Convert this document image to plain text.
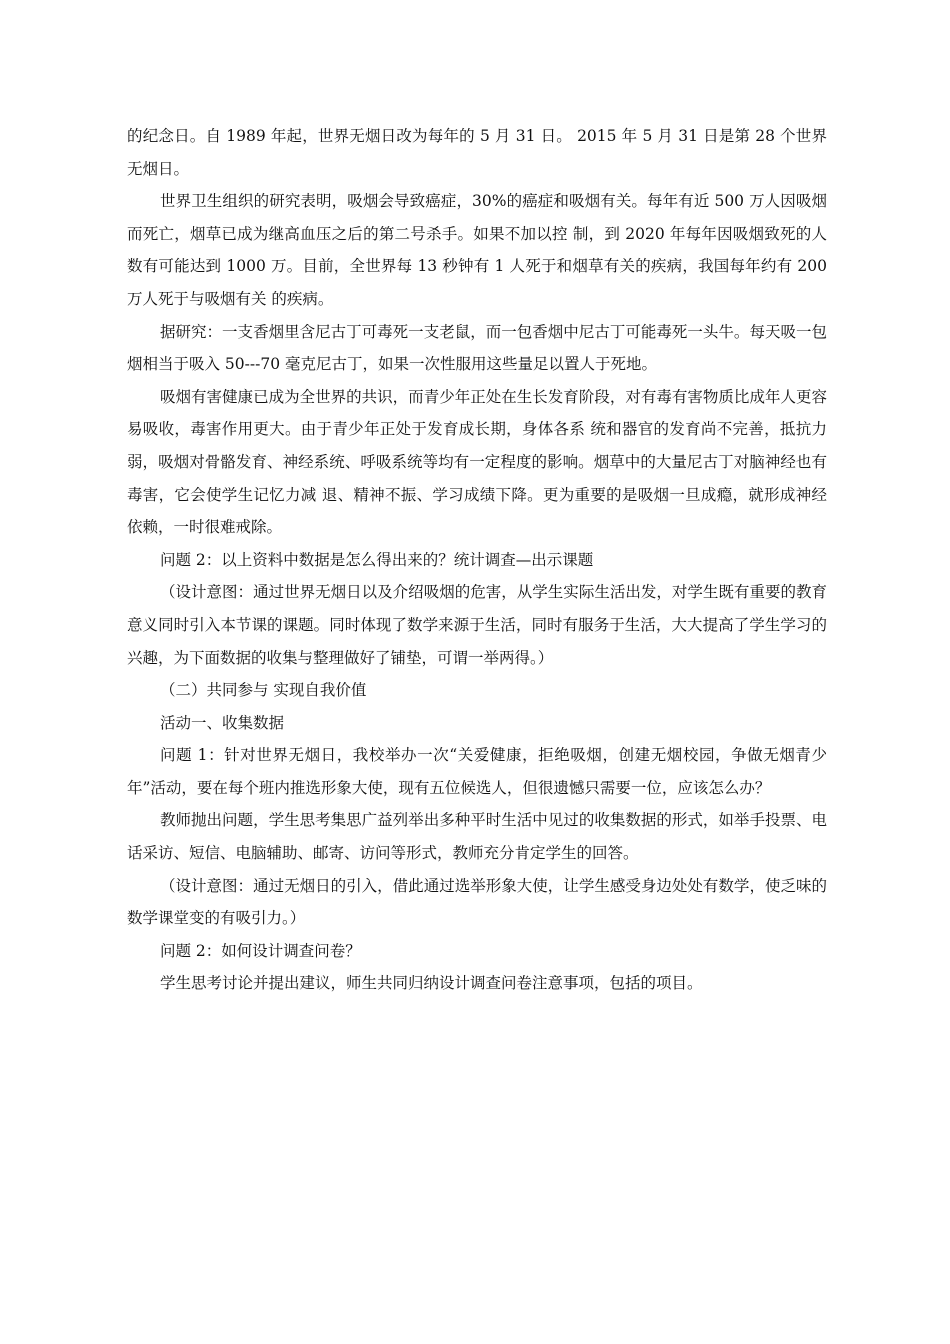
的纪念日。自 1989 年起，世界无烟日改为每年的 5 月 31 日。 2015 年 5 月 31 日是第 28 个世界无烟日。

世界卫生组织的研究表明，吸烟会导致癌症，30%的癌症和吸烟有关。每年有近 500 万人因吸烟而死亡，烟草已成为继高血压之后的第二号杀手。如果不加以控 制，到 2020 年每年因吸烟致死的人数有可能达到 1000 万。目前，全世界每 13 秒钟有 1 人死于和烟草有关的疾病，我国每年约有 200 万人死于与吸烟有关 的疾病。

据研究：一支香烟里含尼古丁可毒死一支老鼠，而一包香烟中尼古丁可能毒死一头牛。每天吸一包烟相当于吸入 50---70 毫克尼古丁，如果一次性服用这些量足以置人于死地。

吸烟有害健康已成为全世界的共识，而青少年正处在生长发育阶段，对有毒有害物质比成年人更容易吸收，毒害作用更大。由于青少年正处于发育成长期，身体各系 统和器官的发育尚不完善，抵抗力弱，吸烟对骨骼发育、神经系统、呼吸系统等均有一定程度的影响。烟草中的大量尼古丁对脑神经也有毒害，它会使学生记忆力减 退、精神不振、学习成绩下降。更为重要的是吸烟一旦成瘾，就形成神经依赖，一时很难戒除。

问题 2：以上资料中数据是怎么得出来的？统计调查—出示课题

（设计意图：通过世界无烟日以及介绍吸烟的危害，从学生实际生活出发，对学生既有重要的教育意义同时引入本节课的课题。同时体现了数学来源于生活，同时有服务于生活，大大提高了学生学习的兴趣，为下面数据的收集与整理做好了铺垫，可谓一举两得。）

（二）共同参与 实现自我价值

活动一、收集数据

问题 1：针对世界无烟日，我校举办一次“关爱健康，拒绝吸烟，创建无烟校园，争做无烟青少年”活动，要在每个班内推选形象大使，现有五位候选人，但很遗憾只需要一位，应该怎么办？

教师抛出问题，学生思考集思广益列举出多种平时生活中见过的收集数据的形式，如举手投票、电话采访、短信、电脑辅助、邮寄、访问等形式，教师充分肯定学生的回答。

（设计意图：通过无烟日的引入，借此通过选举形象大使，让学生感受身边处处有数学，使乏味的数学课堂变的有吸引力。）

问题 2：如何设计调查问卷？

学生思考讨论并提出建议，师生共同归纳设计调查问卷注意事项，包括的项目。
